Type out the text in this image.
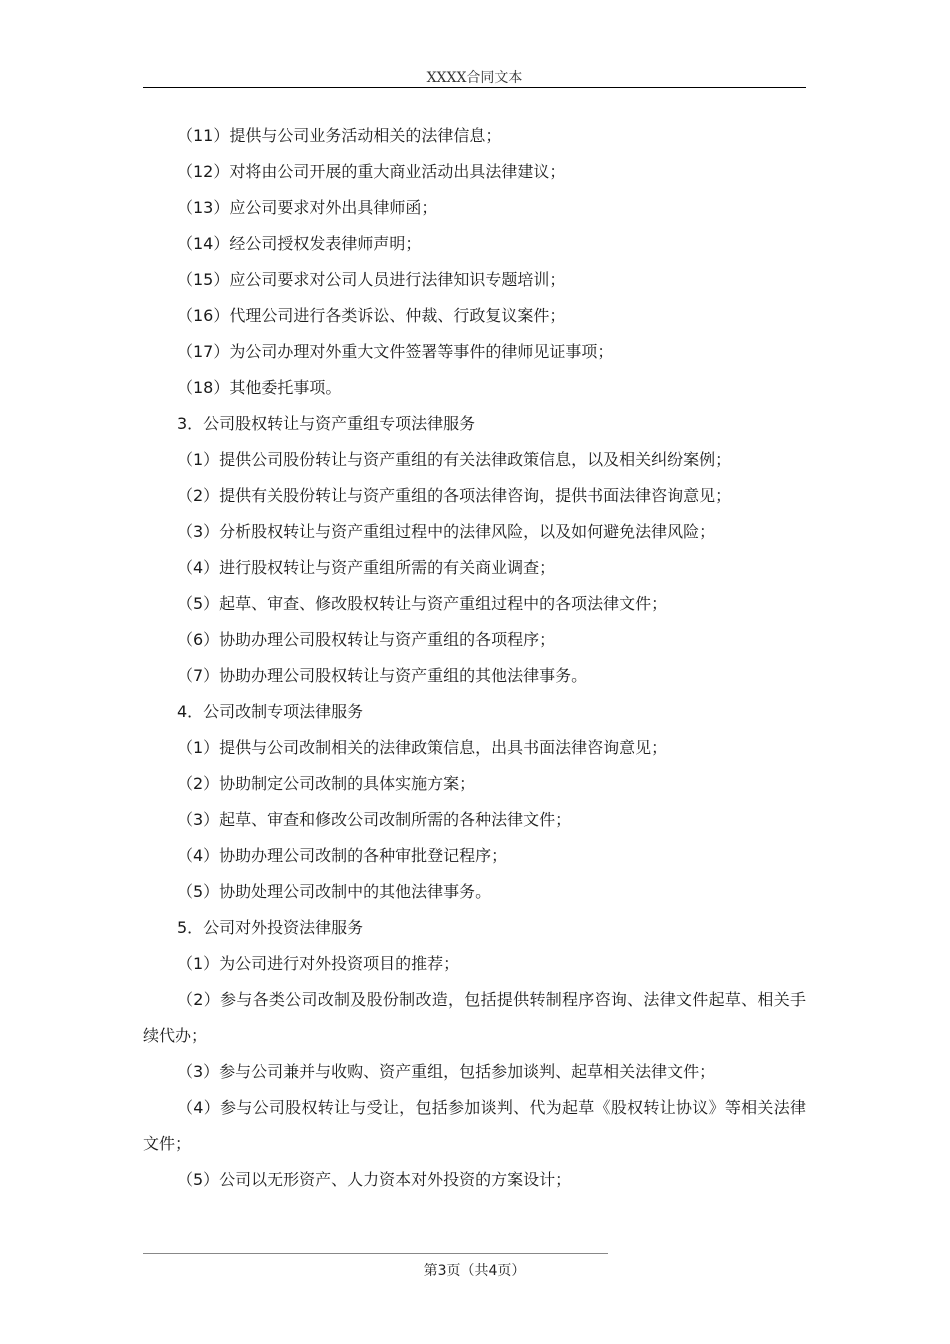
XXXX合同文本

（11）提供与公司业务活动相关的法律信息；

（12）对将由公司开展的重大商业活动出具法律建议；

（13）应公司要求对外出具律师函；

（14）经公司授权发表律师声明；

（15）应公司要求对公司人员进行法律知识专题培训；

（16）代理公司进行各类诉讼、仲裁、行政复议案件；

（17）为公司办理对外重大文件签署等事件的律师见证事项；

（18）其他委托事项。

3．公司股权转让与资产重组专项法律服务

（1）提供公司股份转让与资产重组的有关法律政策信息，以及相关纠纷案例；

（2）提供有关股份转让与资产重组的各项法律咨询，提供书面法律咨询意见；

（3）分析股权转让与资产重组过程中的法律风险，以及如何避免法律风险；

（4）进行股权转让与资产重组所需的有关商业调查；

（5）起草、审查、修改股权转让与资产重组过程中的各项法律文件；

（6）协助办理公司股权转让与资产重组的各项程序；

（7）协助办理公司股权转让与资产重组的其他法律事务。

4．公司改制专项法律服务

（1）提供与公司改制相关的法律政策信息，出具书面法律咨询意见；

（2）协助制定公司改制的具体实施方案；

（3）起草、审查和修改公司改制所需的各种法律文件；

（4）协助办理公司改制的各种审批登记程序；

（5）协助处理公司改制中的其他法律事务。

5．公司对外投资法律服务

（1）为公司进行对外投资项目的推荐；

（2）参与各类公司改制及股份制改造，包括提供转制程序咨询、法律文件起草、相关手续代办；

（3）参与公司兼并与收购、资产重组，包括参加谈判、起草相关法律文件；

（4）参与公司股权转让与受让，包括参加谈判、代为起草《股权转让协议》等相关法律文件；

（5）公司以无形资产、人力资本对外投资的方案设计；

第3页（共4页）
